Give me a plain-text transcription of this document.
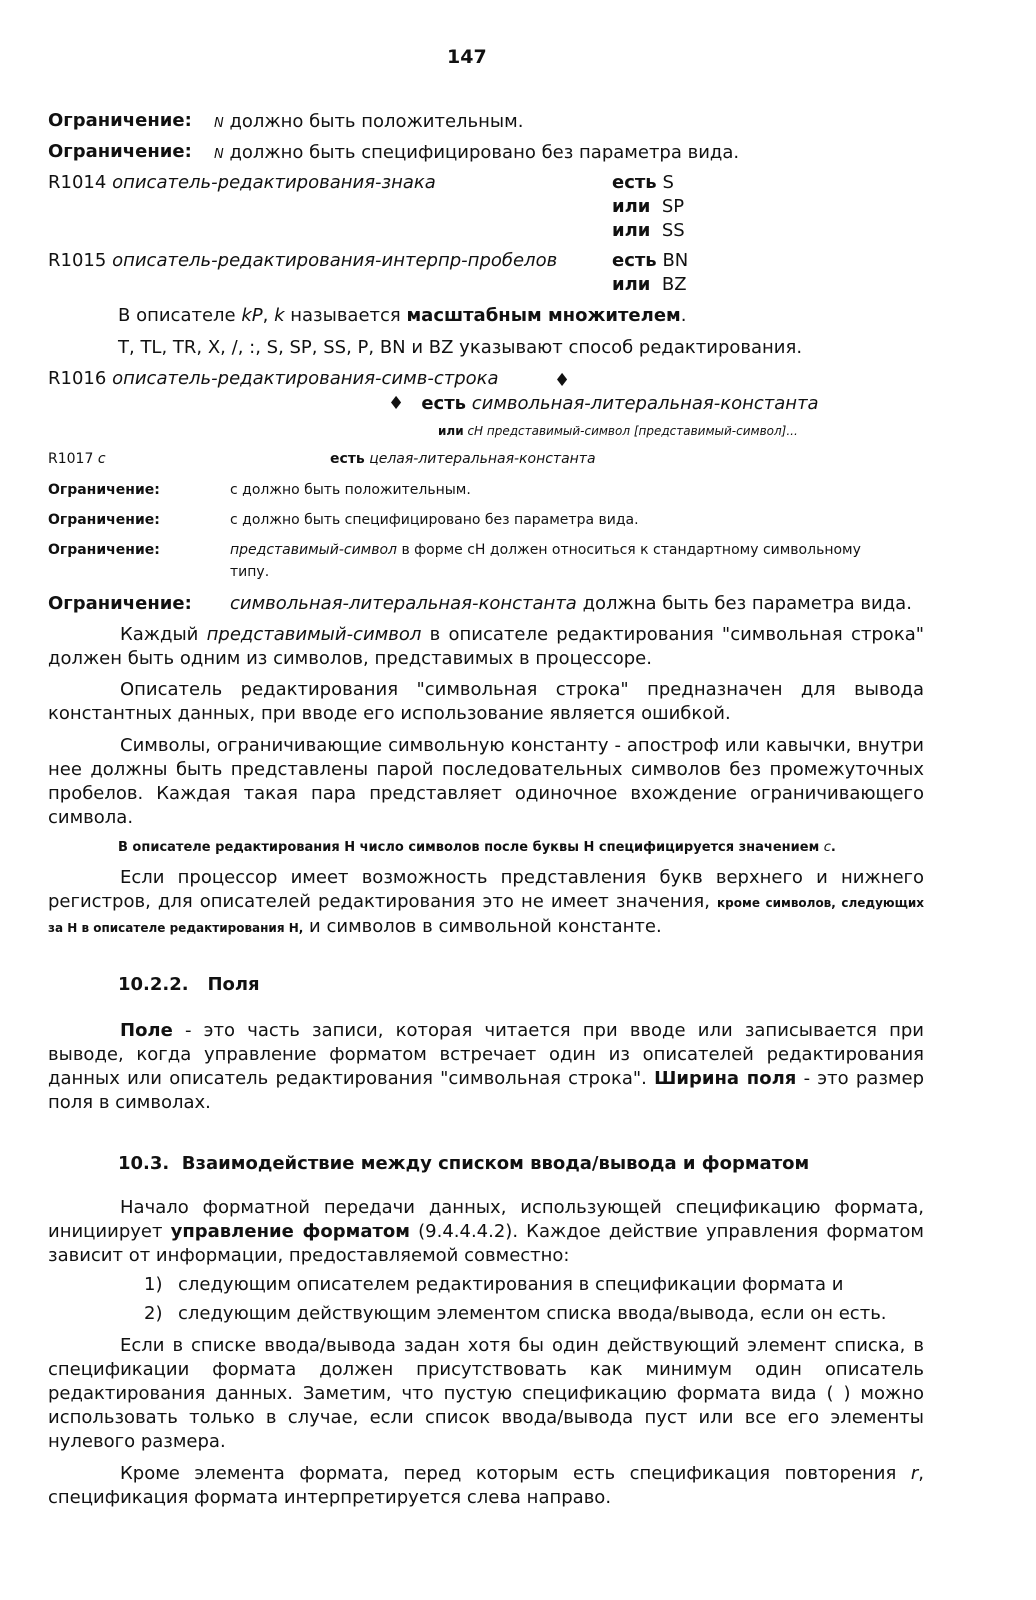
147
Ограничение: N должно быть положительным.
Ограничение: N должно быть специфицировано без параметра вида.
R1014 описатель-редактирования-знака	есть S
или SP
или SS
R1015 описатель-редактирования-интерпр-пробелов	есть BN
или BZ
В описателе kP, k называется масштабным множителем.
T, TL, TR, X, /, :, S, SP, SS, P, BN и BZ указывают способ редактирования.
R1016 описатель-редактирования-симв-строка	♦
♦ есть символьная-литеральная-константа
или cH представимый-символ [представимый-символ]...
R1017 c	есть целая-литеральная-константа
Ограничение:	c должно быть положительным.
Ограничение:	c должно быть специфицировано без параметра вида.
Ограничение:	представимый-символ в форме cH должен относиться к стандартному символьному
типу.
Ограничение: символьная-литеральная-константа должна быть без параметра вида.
Каждый представимый-символ в описателе редактирования "символьная строка" должен быть одним из символов, представимых в процессоре.
Описатель редактирования "символьная строка" предназначен для вывода константных данных, при вводе его использование является ошибкой.
Символы, ограничивающие символьную константу - апостроф или кавычки, внутри нее должны быть представлены парой последовательных символов без промежуточных пробелов. Каждая такая пара представляет одиночное вхождение ограничивающего символа.
В описателе редактирования H число символов после буквы H специфицируется значением c.
Если процессор имеет возможность представления букв верхнего и нижнего регистров, для описателей редактирования это не имеет значения, кроме символов, следующих за H в описателе редактирования H, и символов в символьной константе.
10.2.2. Поля
Поле - это часть записи, которая читается при вводе или записывается при выводе, когда управление форматом встречает один из описателей редактирования данных или описатель редактирования "символьная строка". Ширина поля - это размер поля в символах.
10.3. Взаимодействие между списком ввода/вывода и форматом
Начало форматной передачи данных, использующей спецификацию формата, инициирует управление форматом (9.4.4.4.2). Каждое действие управления форматом зависит от информации, предоставляемой совместно:
1) следующим описателем редактирования в спецификации формата и
2) следующим действующим элементом списка ввода/вывода, если он есть.
Если в списке ввода/вывода задан хотя бы один действующий элемент списка, в спецификации формата должен присутствовать как минимум один описатель редактирования данных. Заметим, что пустую спецификацию формата вида ( ) можно использовать только в случае, если список ввода/вывода пуст или все его элементы нулевого размера.
Кроме элемента формата, перед которым есть спецификация повторения r, спецификация формата интерпретируется слева направо.
